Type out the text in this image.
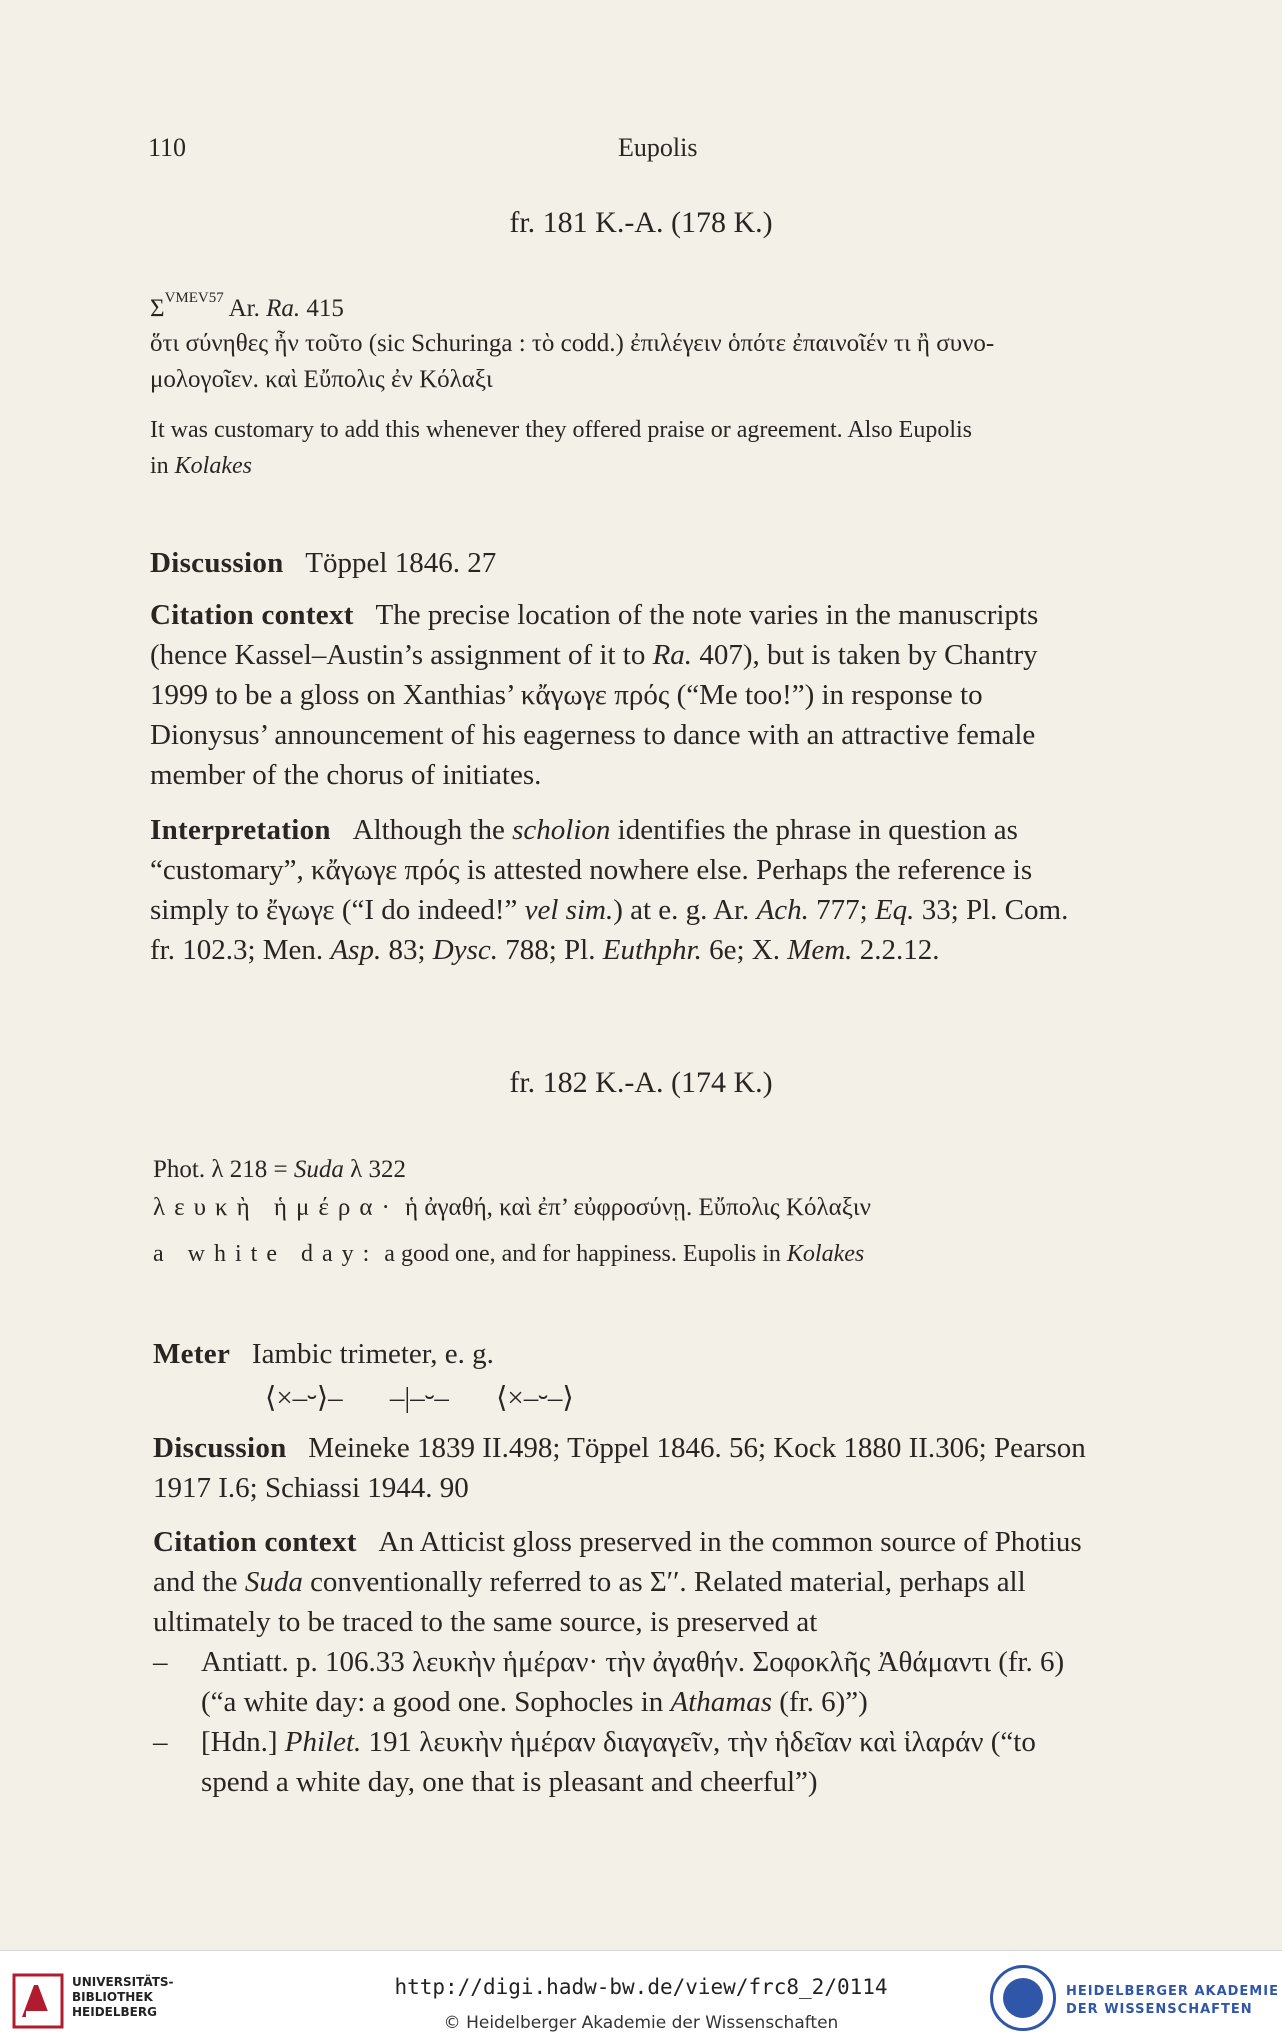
110	Eupolis
fr. 181 K.-A. (178 K.)
$\Sigma^{VMEV57}$ Ar. Ra. 415
ὅτι σύνηθες ἦν τοῦτο (sic Schuringa : τὸ codd.) ἐπιλέγειν ὁπότε ἐπαινοῖέν τι ἢ συνο-
μολογοῖεν. καὶ Εὔπολις ἐν Κόλαξι
It was customary to add this whenever they offered praise or agreement. Also Eupolis
in Kolakes
Discussion Töppel 1846. 27
Citation context The precise location of the note varies in the manuscripts
(hence Kassel–Austin’s assignment of it to Ra. 407), but is taken by Chantry
1999 to be a gloss on Xanthias’ κἄγωγε πρός (“Me too!”) in response to
Dionysus’ announcement of his eagerness to dance with an attractive female
member of the chorus of initiates.
Interpretation Although the scholion identifies the phrase in question as
“customary”, κἄγωγε πρός is attested nowhere else. Perhaps the reference is
simply to ἔγωγε (“I do indeed!” vel sim.) at e. g. Ar. Ach. 777; Eq. 33; Pl. Com.
fr. 102.3; Men. Asp. 83; Dysc. 788; Pl. Euthphr. 6e; X. Mem. 2.2.12.
fr. 182 K.-A. (174 K.)
Phot. λ 218 = Suda λ 322
λευκὴ ἡμέρα· ἡ ἀγαθή, καὶ ἐπ’ εὐφροσύνῃ. Εὔπολις Κόλαξιν
a white day: a good one, and for happiness. Eupolis in Kolakes
Meter Iambic trimeter, e. g.
⟨×–⏑⟩– –|–⏑– ⟨×–⏑–⟩
Discussion Meineke 1839 II.498; Töppel 1846. 56; Kock 1880 II.306; Pearson
1917 I.6; Schiassi 1944. 90
Citation context An Atticist gloss preserved in the common source of Photius
and the Suda conventionally referred to as Σ′′. Related material, perhaps all
ultimately to be traced to the same source, is preserved at
– Antiatt. p. 106.33 λευκὴν ἡμέραν· τὴν ἀγαθήν. Σοφοκλῆς Ἀθάμαντι (fr. 6)
(“a white day: a good one. Sophocles in Athamas (fr. 6)”)
– [Hdn.] Philet. 191 λευκὴν ἡμέραν διαγαγεῖν, τὴν ἡδεῖαν καὶ ἱλαράν (“to
spend a white day, one that is pleasant and cheerful”)
UNIVERSITÄTS-
BIBLIOTHEK
HEIDELBERG
http://digi.hadw-bw.de/view/frc8_2/0114
© Heidelberger Akademie der Wissenschaften
HEIDELBERGER AKADEMIE
DER WISSENSCHAFTEN
